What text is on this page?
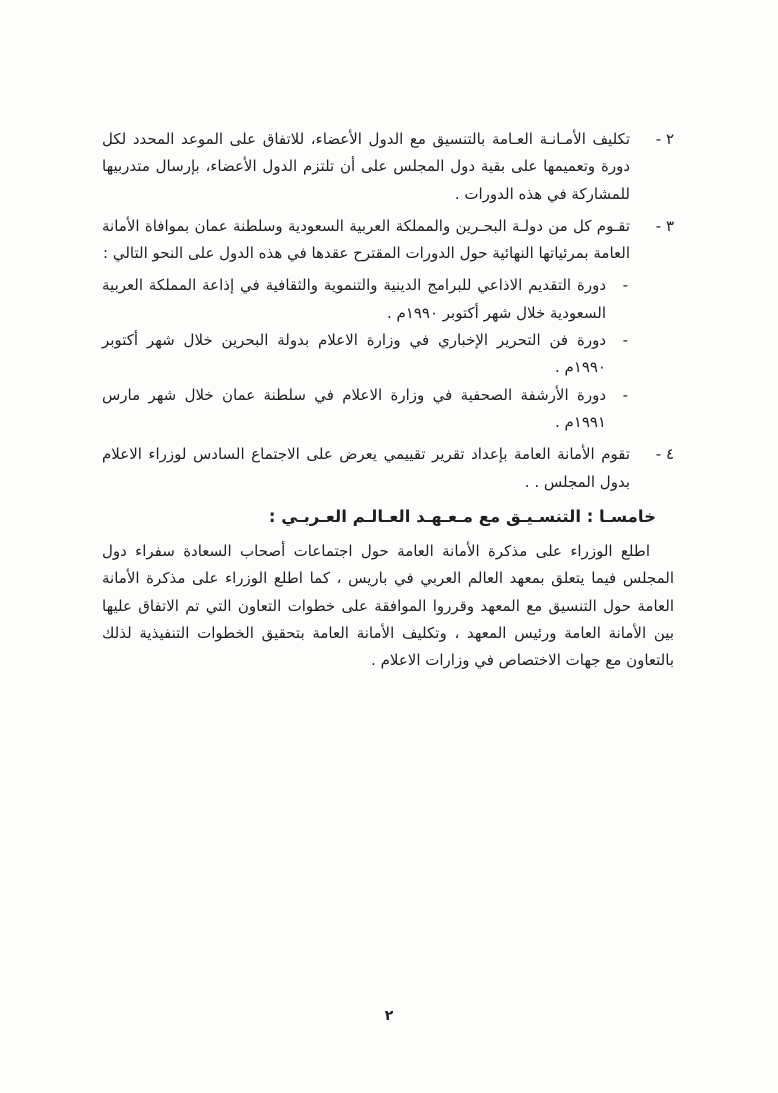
٢ -
تكليف الأمـانـة العـامة بالتنسيق مع الدول الأعضاء، للاتفاق على الموعد المحدد لكل دورة وتعميمها على بقية دول المجلس على أن تلتزم الدول الأعضاء، بإرسال متدربيها للمشاركة في هذه الدورات .
٣ -
تقـوم كل من دولـة البحـرين والمملكة العربية السعودية وسلطنة عمان بموافاة الأمانة العامة بمرئياتها النهائية حول الدورات المقترح عقدها في هذه الدول على النحو التالي :
-
دورة التقديم الاذاعي للبرامج الدينية والتنموية والثقافية في إذاعة المملكة العربية السعودية خلال شهر أكتوبر ١٩٩٠م .
-
دورة فن التحرير الإخباري في وزارة الاعلام بدولة البحرين خلال شهر أكتوبر ١٩٩٠م .
-
دورة الأرشفة الصحفية في وزارة الاعلام في سلطنة عمان خلال شهر مارس ١٩٩١م .
٤ -
تقوم الأمانة العامة بإعداد تقرير تقييمي يعرض على الاجتماع السادس لوزراء الاعلام بدول المجلس . .
خامسـا : التنسـيـق مع مـعـهـد العـالـم العـربـي :

اطلع الوزراء على مذكرة الأمانة العامة حول اجتماعات أصحاب السعادة سفراء دول المجلس فيما يتعلق بمعهد العالم العربي في باريس ، كما اطلع الوزراء على مذكرة الأمانة العامة حول التنسيق مع المعهد وقرروا الموافقة على خطوات التعاون التي تم الاتفاق عليها بين الأمانة العامة ورئيس المعهد ، وتكليف الأمانة العامة بتحقيق الخطوات التنفيذية لذلك بالتعاون مع جهات الاختصاص في وزارات الاعلام .

٢
